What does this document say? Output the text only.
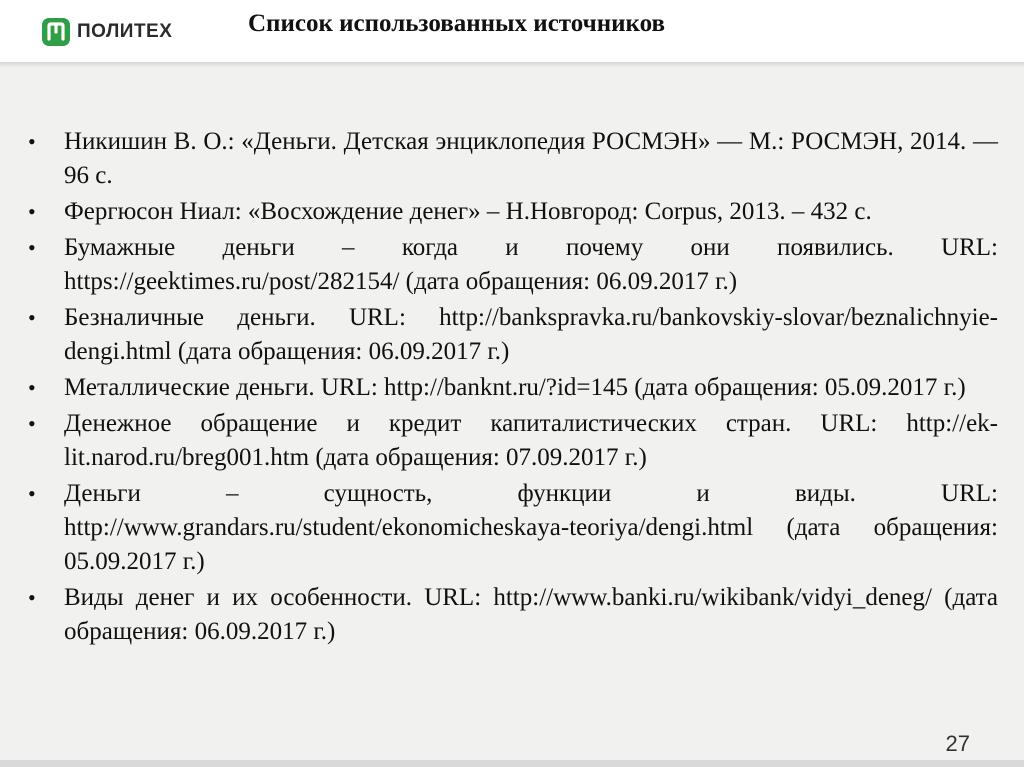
ПОЛИТЕХ	Список использованных источников
•	Никишин В. О.: «Деньги. Детская энциклопедия РОСМЭН» — М.: РОСМЭН, 2014. — 96 с.
•	Фергюсон Ниал: «Восхождение денег» – Н.Новгород: Corpus, 2013. – 432 с.
•	Бумажные деньги – когда и почему они появились. URL: https://geektimes.ru/post/282154/ (дата обращения: 06.09.2017 г.)
•	Безналичные деньги. URL: http://bankspravka.ru/bankovskiy-slovar/beznalichnyie-dengi.html (дата обращения: 06.09.2017 г.)
•	Металлические деньги. URL: http://banknt.ru/?id=145 (дата обращения: 05.09.2017 г.)
•	Денежное обращение и кредит капиталистических стран. URL: http://ek-lit.narod.ru/breg001.htm (дата обращения: 07.09.2017 г.)
•	Деньги – сущность, функции и виды. URL: http://www.grandars.ru/student/ekonomicheskaya-teoriya/dengi.html (дата обращения: 05.09.2017 г.)
•	Виды денег и их особенности. URL: http://www.banki.ru/wikibank/vidyi_deneg/ (дата обращения: 06.09.2017 г.)
27
